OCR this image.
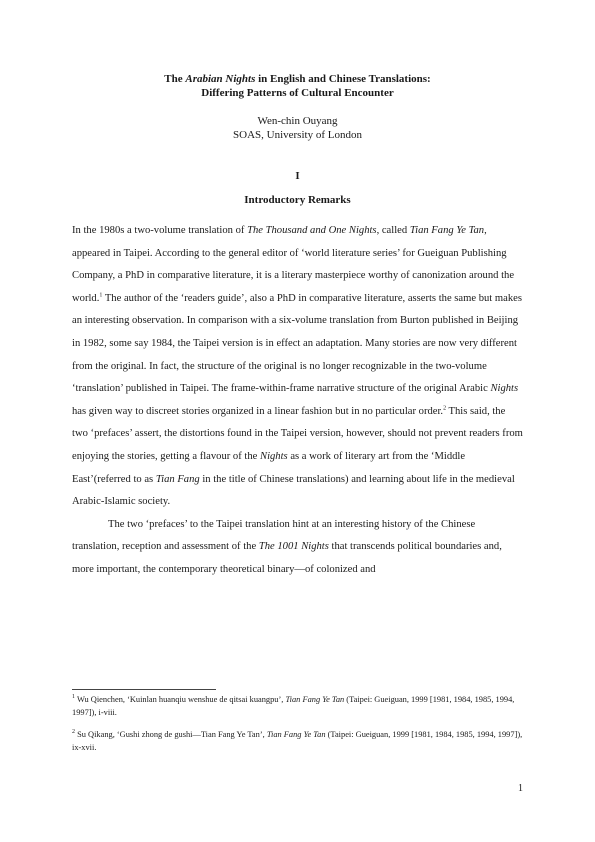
The Arabian Nights in English and Chinese Translations:
Differing Patterns of Cultural Encounter
Wen-chin Ouyang
SOAS, University of London
I
Introductory Remarks

In the 1980s a two-volume translation of The Thousand and One Nights, called Tian Fang Ye Tan, appeared in Taipei. According to the general editor of ‘world literature series’ for Gueiguan Publishing Company, a PhD in comparative literature, it is a literary masterpiece worthy of canonization around the world.$^1$ The author of the ‘readers guide’, also a PhD in comparative literature, asserts the same but makes an interesting observation. In comparison with a six-volume translation from Burton published in Beijing in 1982, some say 1984, the Taipei version is in effect an adaptation. Many stories are now very different from the original. In fact, the structure of the original is no longer recognizable in the two-volume ‘translation’ published in Taipei. The frame-within-frame narrative structure of the original Arabic Nights has given way to discreet stories organized in a linear fashion but in no particular order.$^2$ This said, the two ‘prefaces’ assert, the distortions found in the Taipei version, however, should not prevent readers from enjoying the stories, getting a flavour of the Nights as a work of literary art from the ‘Middle East’(referred to as Tian Fang in the title of Chinese translations) and learning about life in the medieval Arabic-Islamic society.

The two ‘prefaces’ to the Taipei translation hint at an interesting history of the Chinese translation, reception and assessment of the The 1001 Nights that transcends political boundaries and, more important, the contemporary theoretical binary—of colonized and

$^1$ Wu Qienchen, ‘Kuinlan huanqiu wenshue de qitsai kuangpu’, Tian Fang Ye Tan (Taipei: Gueiguan, 1999 [1981, 1984, 1985, 1994, 1997]), i-viii.
$^2$ Su Qikang, ‘Gushi zhong de gushi—Tian Fang Ye Tan’, Tian Fang Ye Tan (Taipei: Gueiguan, 1999 [1981, 1984, 1985, 1994, 1997]), ix-xvii.
1
